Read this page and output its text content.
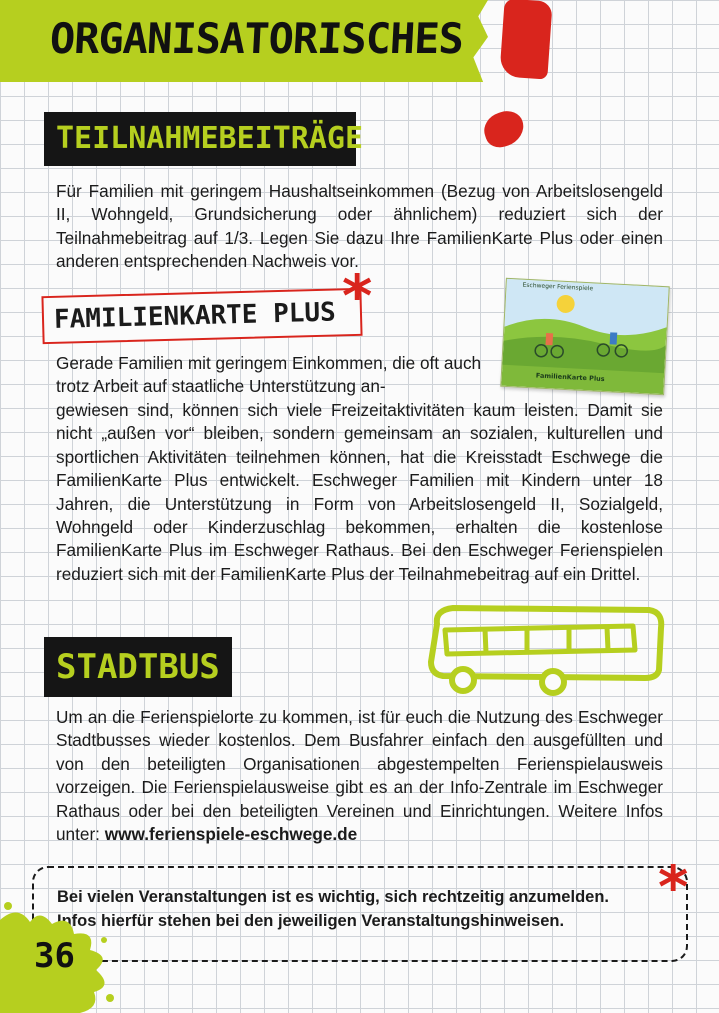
ORGANISATORISCHES
TEILNAHMEBEITRÄGE

Für Familien mit geringem Haushaltseinkommen (Bezug von Arbeitslosengeld II, Wohngeld, Grundsicherung oder ähnlichem) reduziert sich der Teilnahmebeitrag auf 1/3. Legen Sie dazu Ihre FamilienKarte Plus oder einen anderen entsprechenden Nachweis vor.

FAMILIENKARTE PLUS *	Eschweger Ferienspiele
FamilienKarte Plus

Gerade Familien mit geringem Einkommen, die oft auch trotz Arbeit auf staatliche Unterstützung an-

gewiesen sind, können sich viele Freizeitaktivitäten kaum leisten. Damit sie nicht „außen vor“ bleiben, sondern gemeinsam an sozialen, kulturellen und sportlichen Aktivitäten teilnehmen können, hat die Kreisstadt Eschwege die FamilienKarte Plus entwickelt. Eschweger Familien mit Kindern unter 18 Jahren, die Unterstützung in Form von Arbeitslosengeld II, Sozialgeld, Wohngeld oder Kinderzuschlag bekommen, erhalten die kostenlose FamilienKarte Plus im Eschweger Rathaus. Bei den Eschweger Ferienspielen reduziert sich mit der FamilienKarte Plus der Teilnahmebeitrag auf ein Drittel.

STADTBUS

Um an die Ferienspielorte zu kommen, ist für euch die Nutzung des Eschweger Stadtbusses wieder kostenlos. Dem Busfahrer einfach den ausgefüllten und von den beteiligten Organisationen abgestempelten Ferienspielausweis vorzeigen. Die Ferienspielausweise gibt es an der Info-Zentrale im Eschweger Rathaus oder bei den beteiligten Vereinen und Einrichtungen. Weitere Infos unter: www.ferienspiele-eschwege.de

*
Bei vielen Veranstaltungen ist es wichtig, sich rechtzeitig anzumelden.
Infos hierfür stehen bei den jeweiligen Veranstaltungshinweisen.
36
